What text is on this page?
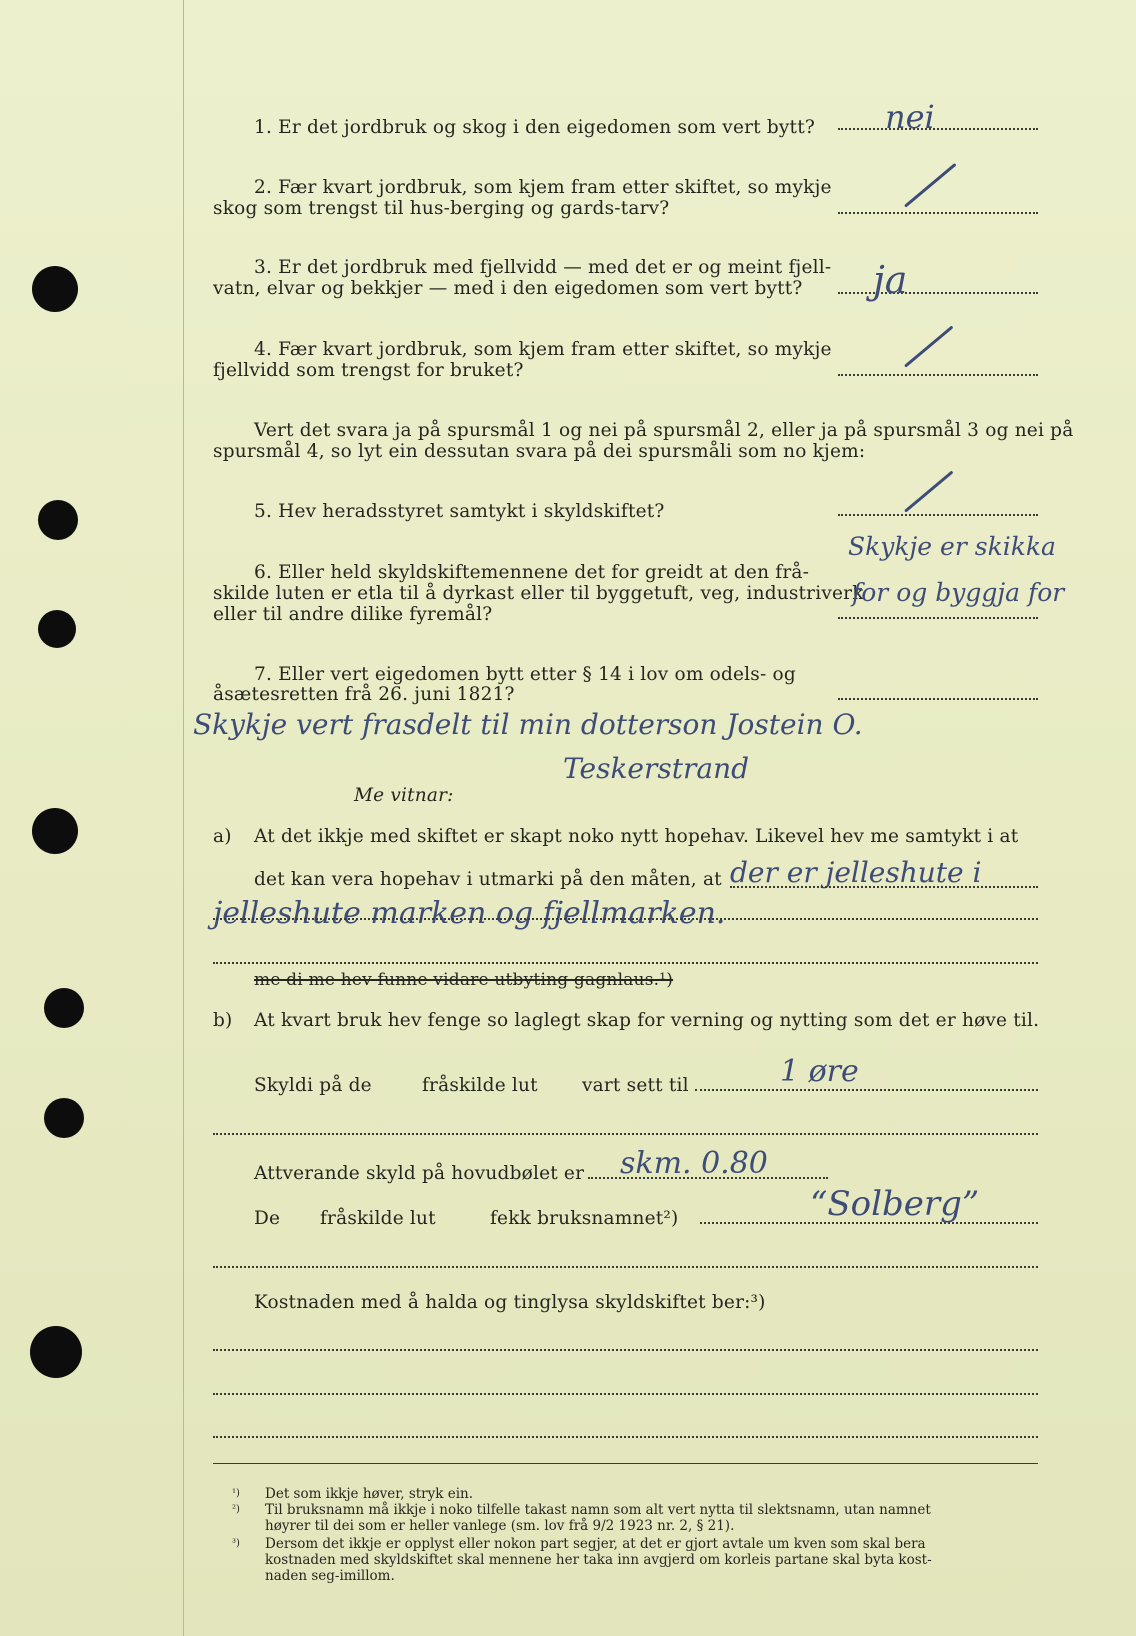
1. Er det jordbruk og skog i den eigedomen som vert bytt? nei
2. Fær kvart jordbruk, som kjem fram etter skiftet, so mykje
skog som trengst til hus‐berging og gards‐tarv?
3. Er det jordbruk med fjellvidd — med det er og meint fjell‐
vatn, elvar og bekkjer — med i den eigedomen som vert bytt? ja
4. Fær kvart jordbruk, som kjem fram etter skiftet, so mykje
fjellvidd som trengst for bruket?
Vert det svara ja på spursmål 1 og nei på spursmål 2, eller ja på spursmål 3 og nei på
spursmål 4, so lyt ein dessutan svara på dei spursmåli som no kjem:
5. Hev heradsstyret samtykt i skyldskiftet?
6. Eller held skyldskiftemennene det for greidt at den frå‐
skilde luten er etla til å dyrkast eller til byggetuft, veg, industriverk
eller til andre dilike fyremål?
Skykje er skikka
for og byggja for
7. Eller vert eigedomen bytt etter § 14 i lov om odels‐ og
åsætesretten frå 26. juni 1821?
Skykje vert frasdelt til min dotterson Jostein O.
Teskerstrand
Me vitnar:
a) At det ikkje med skiftet er skapt noko nytt hopehav. Likevel hev me samtykt i at
det kan vera hopehav i utmarki på den måten, at der er jelleshute i
jelleshute marken og fjellmarken.
me di me hev funne vidare utbyting gagnlaus.¹)
b) At kvart bruk hev fenge so laglegt skap for verning og nytting som det er høve til.
Skyldi på de	fråskilde lut vart sett til	1 øre
Attverande skyld på hovudbølet er skm. 0.80
De fråskilde lut	fekk bruksnamnet²)	“Solberg”
Kostnaden med å halda og tinglysa skyldskiftet ber:³)
¹) Det som ikkje høver, stryk ein.
²) Til bruksnamn må ikkje i noko tilfelle takast namn som alt vert nytta til slektsnamn, utan namnet
høyrer til dei som er heller vanlege (sm. lov frå 9/2 1923 nr. 2, § 21).
³) Dersom det ikkje er opplyst eller nokon part segjer, at det er gjort avtale um kven som skal bera
kostnaden med skyldskiftet skal mennene her taka inn avgjerd om korleis partane skal byta kost‐
naden seg‐imillom.
